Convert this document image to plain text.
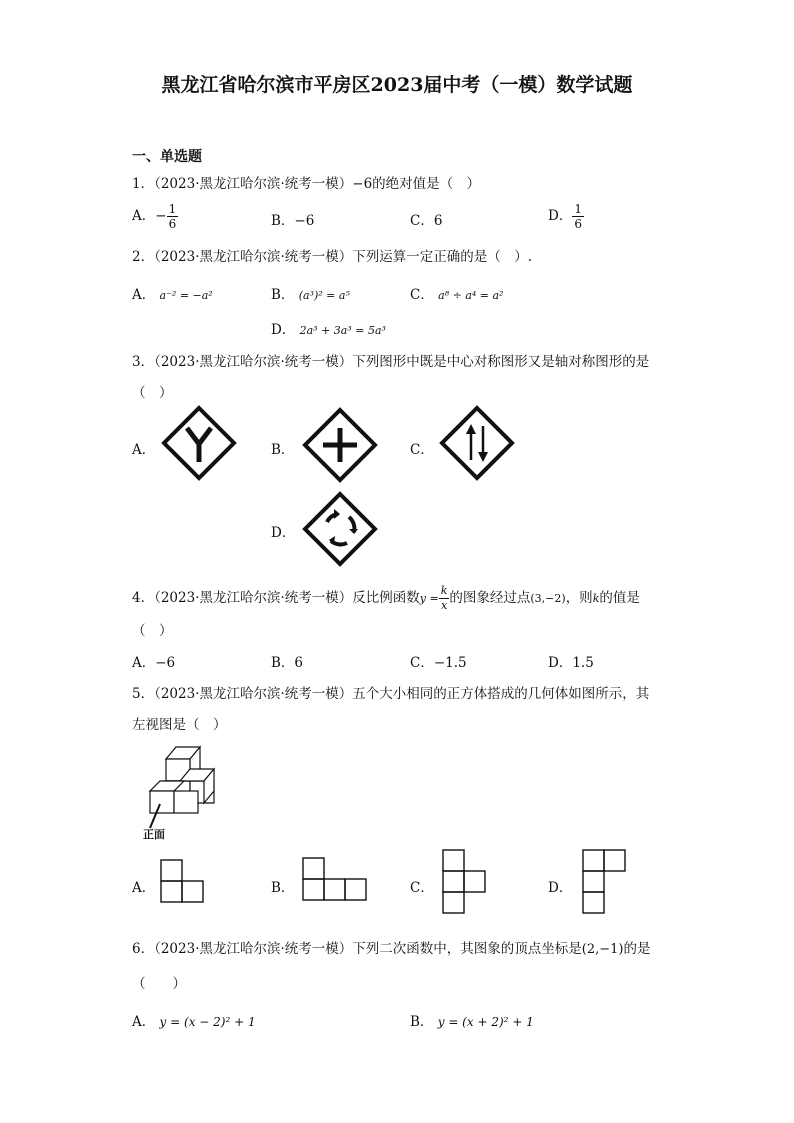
黑龙江省哈尔滨市平房区2023届中考（一模）数学试题
一、单选题
1．（2023·黑龙江哈尔滨·统考一模）−6的绝对值是（　）
A．− $\frac{1}{6}$	B．−6	C．6	D． $\frac{1}{6}$
2．（2023·黑龙江哈尔滨·统考一模）下列运算一定正确的是（　）.
A． a⁻² = −a²	B． (a³)² = a⁵	C． a⁸ ÷ a⁴ = a²
D． 2a³ + 3a³ = 5a³
3．（2023·黑龙江哈尔滨·统考一模）下列图形中既是中心对称图形又是轴对称图形的是
（　）
A．	B．	C．
D．
4．（2023·黑龙江哈尔滨·统考一模）反比例函数$y = \frac{k}{x}$ 的图象经过点(3,−2)，则k的值是
（　）
A．−6	B．6	C．−1.5	D．1.5
5．（2023·黑龙江哈尔滨·统考一模）五个大小相同的正方体搭成的几何体如图所示，其
左视图是（　）
正面
A．	B．	C．	D．
6．（2023·黑龙江哈尔滨·统考一模）下列二次函数中，其图象的顶点坐标是(2,−1)的是
（　　）
A． y = (x − 2)² + 1	B． y = (x + 2)² + 1
